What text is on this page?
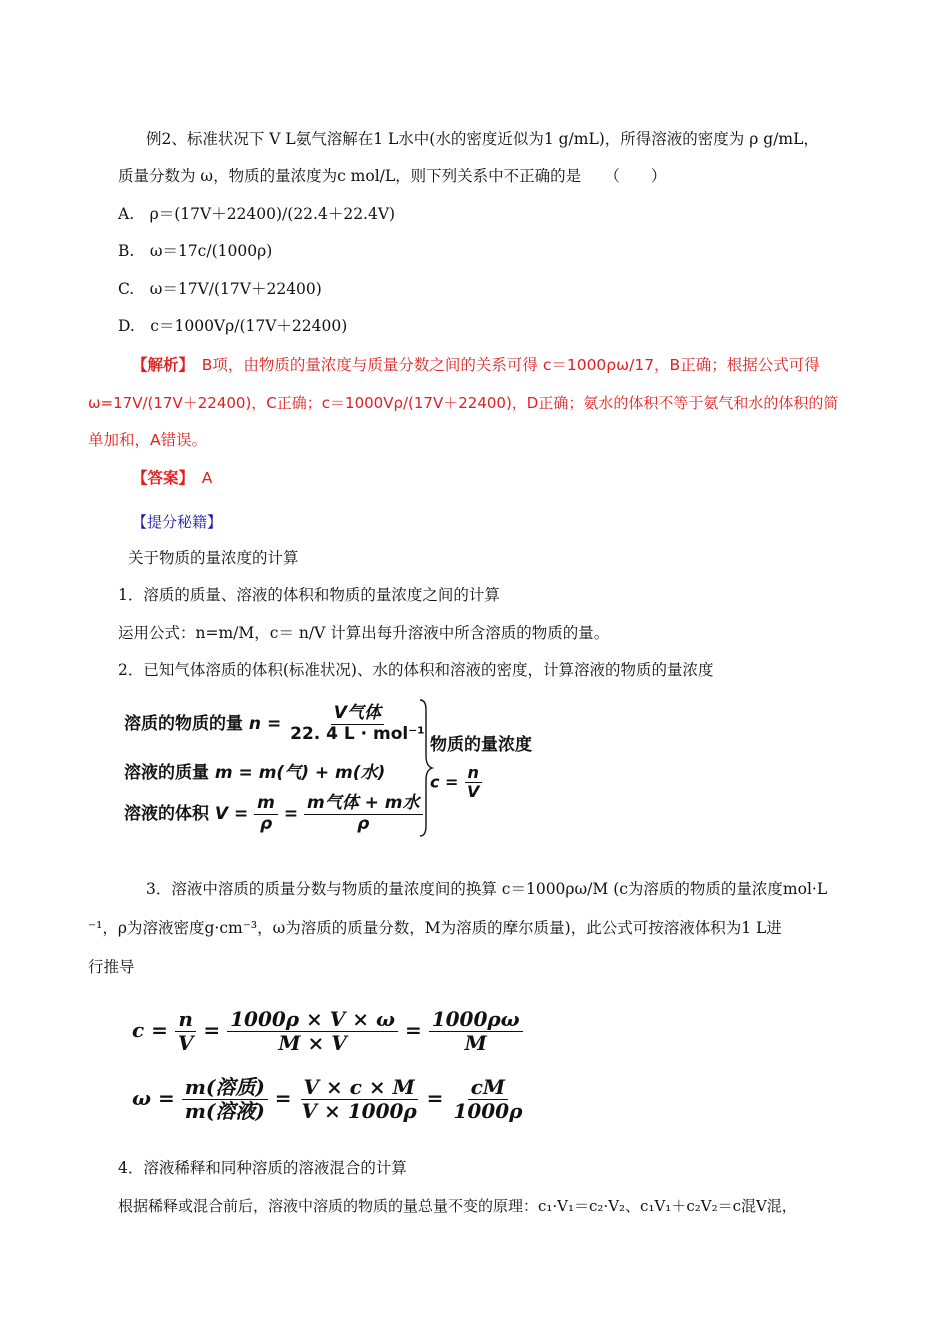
例2、标准状况下 V L氨气溶解在1 L水中(水的密度近似为1 g/mL)，所得溶液的密度为 ρ g/mL，
质量分数为 ω，物质的量浓度为c mol/L，则下列关系中不正确的是　　（　　）
A.　ρ＝(17V＋22400)/(22.4＋22.4V)
B.　ω＝17c/(1000ρ)
C.　ω＝17V/(17V＋22400)
D.　c＝1000Vρ/(17V＋22400)
【解析】　B项，由物质的量浓度与质量分数之间的关系可得 c＝1000ρω/17，B正确；根据公式可得
ω=17V/(17V＋22400)，C正确；c＝1000Vρ/(17V＋22400)，D正确；氨水的体积不等于氨气和水的体积的简
单加和，A错误。
【答案】　A
【提分秘籍】
关于物质的量浓度的计算
1．溶质的质量、溶液的体积和物质的量浓度之间的计算
运用公式：n=m/M，c＝ n/V 计算出每升溶液中所含溶质的物质的量。
2．已知气体溶质的体积(标准状况)、水的体积和溶液的密度，计算溶液的物质的量浓度
溶质的物质的量 $n = \frac{\text{V气体}}{\text{22. 4 L · mol⁻¹}}$
溶液的质量 m = m(气) + m(水)
溶液的体积 $V = \frac{m}{\rho} = \frac{\text{m气体 + m水}}{\rho}$
物质的量浓度
$c = \frac{n}{V}$
3．溶液中溶质的质量分数与物质的量浓度间的换算 c＝1000ρω/M (c为溶质的物质的量浓度mol·L
⁻¹，ρ为溶液密度g·cm⁻³，ω为溶质的质量分数，M为溶质的摩尔质量)，此公式可按溶液体积为1 L进
行推导
$c = \frac{n}{V} = \frac{1000\rho \times V \times \omega}{M \times V} = \frac{1000\rho\omega}{M}$
$\omega = \frac{\text{m(溶质)}}{\text{m(溶液)}} = \frac{V \times c \times M}{V \times 1000\rho} = \frac{cM}{1000\rho}$
4．溶液稀释和同种溶质的溶液混合的计算
根据稀释或混合前后，溶液中溶质的物质的量总量不变的原理：c₁·V₁＝c₂·V₂、c₁V₁＋c₂V₂＝c混V混，
